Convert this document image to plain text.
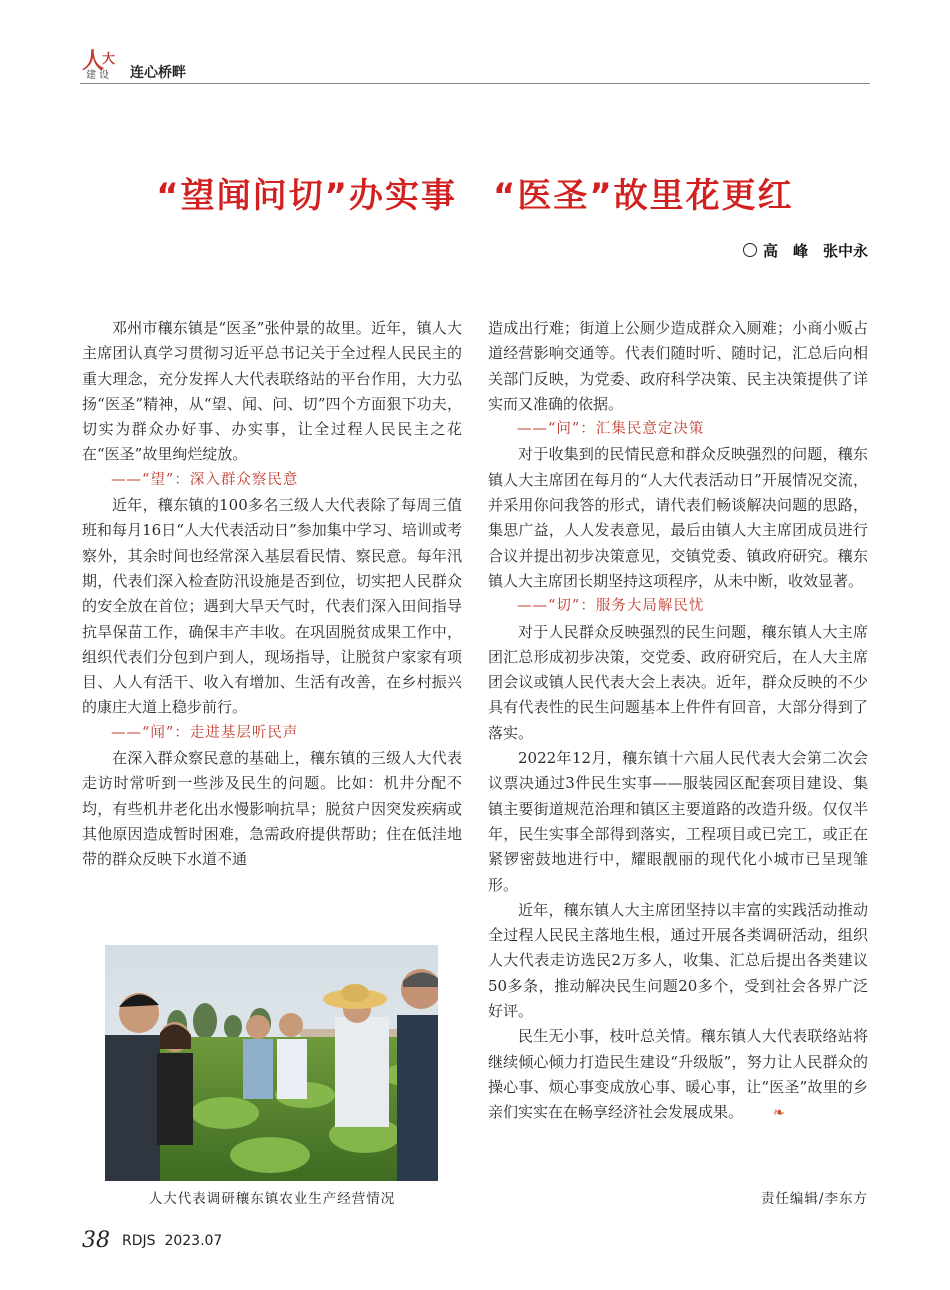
人
大
建设 连心桥畔
“望闻问切”办实事　“医圣”故里花更红
高　峰　张中永

邓州市穰东镇是“医圣”张仲景的故里。近年，镇人大主席团认真学习贯彻习近平总书记关于全过程人民民主的重大理念，充分发挥人大代表联络站的平台作用，大力弘扬“医圣”精神，从“望、闻、问、切”四个方面狠下功夫，切实为群众办好事、办实事，让全过程人民民主之花在“医圣”故里绚烂绽放。

——“望”：深入群众察民意

近年，穰东镇的100多名三级人大代表除了每周三值班和每月16日“人大代表活动日”参加集中学习、培训或考察外，其余时间也经常深入基层看民情、察民意。每年汛期，代表们深入检查防汛设施是否到位，切实把人民群众的安全放在首位；遇到大旱天气时，代表们深入田间指导抗旱保苗工作，确保丰产丰收。在巩固脱贫成果工作中，组织代表们分包到户到人，现场指导，让脱贫户家家有项目、人人有活干、收入有增加、生活有改善，在乡村振兴的康庄大道上稳步前行。

——“闻”：走进基层听民声

在深入群众察民意的基础上，穰东镇的三级人大代表走访时常听到一些涉及民生的问题。比如：机井分配不均，有些机井老化出水慢影响抗旱；脱贫户因突发疾病或其他原因造成暂时困难，急需政府提供帮助；住在低洼地带的群众反映下水道不通

造成出行难；街道上公厕少造成群众入厕难；小商小贩占道经营影响交通等。代表们随时听、随时记，汇总后向相关部门反映，为党委、政府科学决策、民主决策提供了详实而又准确的依据。

——“问”：汇集民意定决策

对于收集到的民情民意和群众反映强烈的问题，穰东镇人大主席团在每月的“人大代表活动日”开展情况交流，并采用你问我答的形式，请代表们畅谈解决问题的思路，集思广益，人人发表意见，最后由镇人大主席团成员进行合议并提出初步决策意见，交镇党委、镇政府研究。穰东镇人大主席团长期坚持这项程序，从未中断，收效显著。

——“切”：服务大局解民忧

对于人民群众反映强烈的民生问题，穰东镇人大主席团汇总形成初步决策，交党委、政府研究后，在人大主席团会议或镇人民代表大会上表决。近年，群众反映的不少具有代表性的民生问题基本上件件有回音，大部分得到了落实。

2022年12月，穰东镇十六届人民代表大会第二次会议票决通过3件民生实事——服装园区配套项目建设、集镇主要街道规范治理和镇区主要道路的改造升级。仅仅半年，民生实事全部得到落实，工程项目或已完工，或正在紧锣密鼓地进行中，耀眼靓丽的现代化小城市已呈现雏形。

近年，穰东镇人大主席团坚持以丰富的实践活动推动全过程人民民主落地生根，通过开展各类调研活动，组织人大代表走访选民2万多人，收集、汇总后提出各类建议50多条，推动解决民生问题20多个，受到社会各界广泛好评。

民生无小事，枝叶总关情。穰东镇人大代表联络站将继续倾心倾力打造民生建设“升级版”，努力让人民群众的操心事、烦心事变成放心事、暖心事，让“医圣”故里的乡亲们实实在在畅享经济社会发展成果。 ❧

人大代表调研穰东镇农业生产经营情况	责任编辑/李东方
38 RDJS 2023.07
